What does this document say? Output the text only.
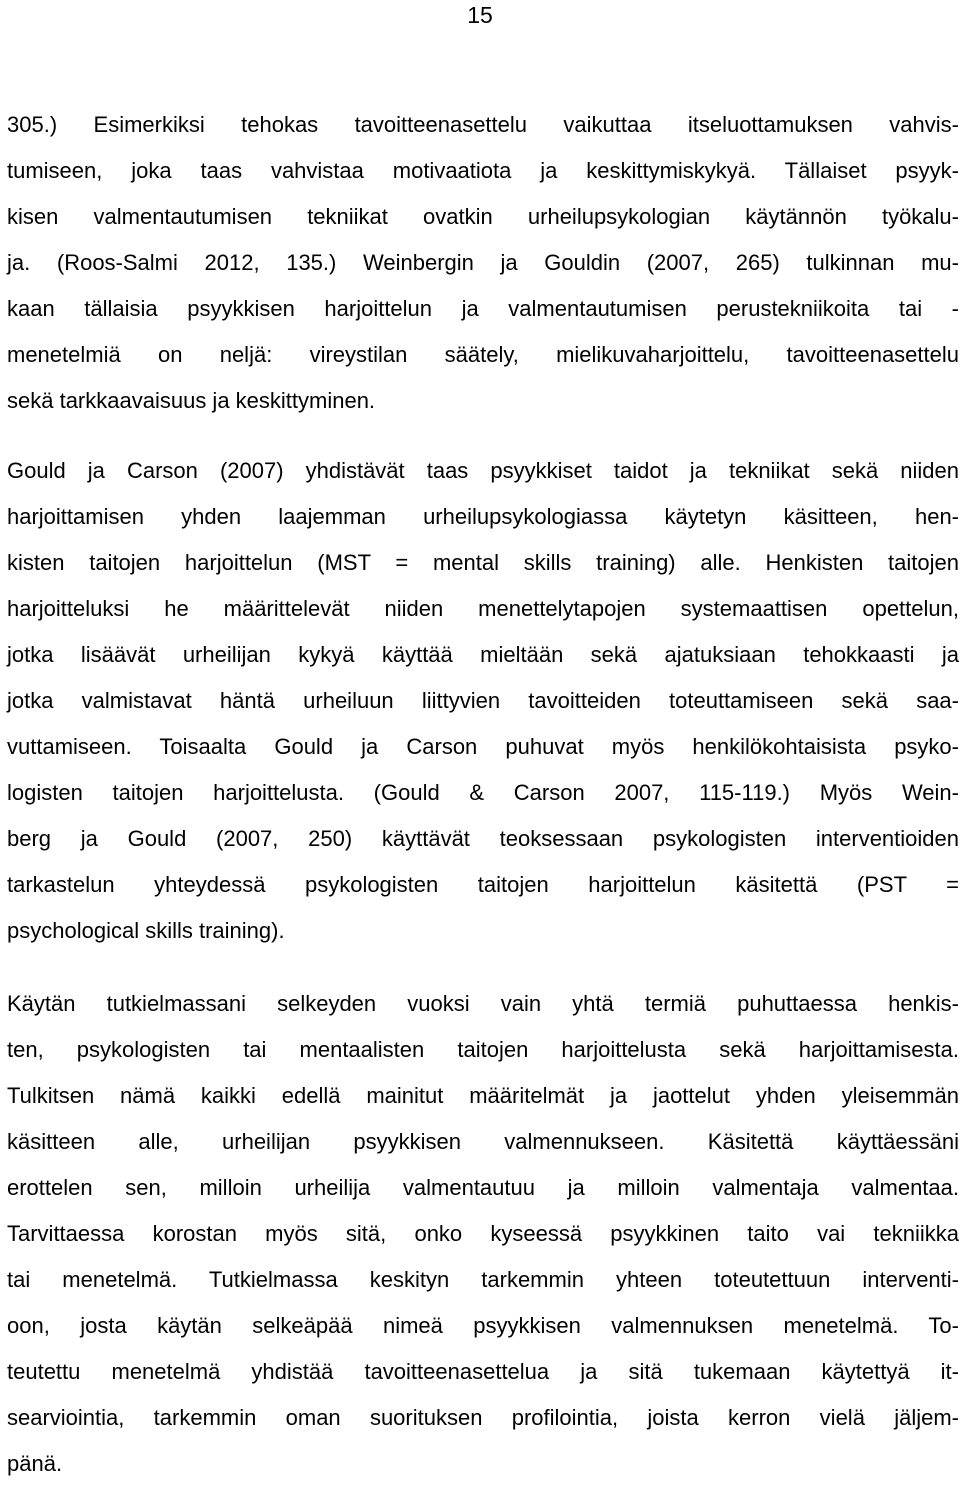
15
305.) Esimerkiksi tehokas tavoitteenasettelu vaikuttaa itseluottamuksen vahvis-
tumiseen, joka taas vahvistaa motivaatiota ja keskittymiskykyä. Tällaiset psyyk-
kisen valmentautumisen tekniikat ovatkin urheilupsykologian käytännön työkalu-
ja. (Roos-Salmi 2012, 135.) Weinbergin ja Gouldin (2007, 265) tulkinnan mu-
kaan tällaisia psyykkisen harjoittelun ja valmentautumisen perustekniikoita tai -
menetelmiä on neljä: vireystilan säätely, mielikuvaharjoittelu, tavoitteenasettelu
sekä tarkkaavaisuus ja keskittyminen.
Gould ja Carson (2007) yhdistävät taas psyykkiset taidot ja tekniikat sekä niiden
harjoittamisen yhden laajemman urheilupsykologiassa käytetyn käsitteen, hen-
kisten taitojen harjoittelun (MST = mental skills training) alle. Henkisten taitojen
harjoitteluksi he määrittelevät niiden menettelytapojen systemaattisen opettelun,
jotka lisäävät urheilijan kykyä käyttää mieltään sekä ajatuksiaan tehokkaasti ja
jotka valmistavat häntä urheiluun liittyvien tavoitteiden toteuttamiseen sekä saa-
vuttamiseen. Toisaalta Gould ja Carson puhuvat myös henkilökohtaisista psyko-
logisten taitojen harjoittelusta. (Gould & Carson 2007, 115-119.) Myös Wein-
berg ja Gould (2007, 250) käyttävät teoksessaan psykologisten interventioiden
tarkastelun yhteydessä psykologisten taitojen harjoittelun käsitettä (PST =
psychological skills training).
Käytän tutkielmassani selkeyden vuoksi vain yhtä termiä puhuttaessa henkis-
ten, psykologisten tai mentaalisten taitojen harjoittelusta sekä harjoittamisesta.
Tulkitsen nämä kaikki edellä mainitut määritelmät ja jaottelut yhden yleisemmän
käsitteen alle, urheilijan psyykkisen valmennukseen. Käsitettä käyttäessäni
erottelen sen, milloin urheilija valmentautuu ja milloin valmentaja valmentaa.
Tarvittaessa korostan myös sitä, onko kyseessä psyykkinen taito vai tekniikka
tai menetelmä. Tutkielmassa keskityn tarkemmin yhteen toteutettuun interventi-
oon, josta käytän selkeäpää nimeä psyykkisen valmennuksen menetelmä. To-
teutettu menetelmä yhdistää tavoitteenasettelua ja sitä tukemaan käytettyä it-
searviointia, tarkemmin oman suorituksen profilointia, joista kerron vielä jäljem-
pänä.
